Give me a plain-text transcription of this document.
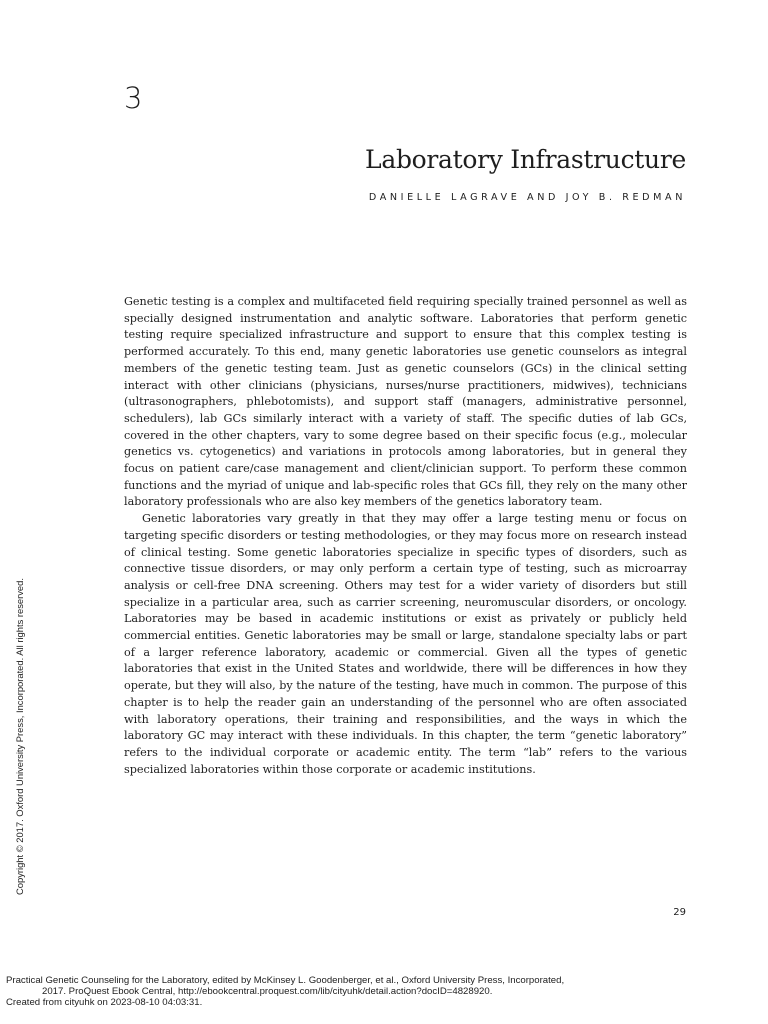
3
Laboratory Infrastructure
DANIELLE LAGRAVE AND JOY B. REDMAN

Genetic testing is a complex and multifaceted field requiring specially trained personnel as well as specially designed instrumentation and analytic software. Laboratories that perform genetic testing require specialized infrastructure and support to ensure that this complex testing is performed accurately. To this end, many genetic laboratories use genetic counselors as integral members of the genetic testing team. Just as genetic counselors (GCs) in the clinical setting interact with other clinicians (physicians, nurses/nurse practitioners, midwives), technicians (ultrasonographers, phlebotomists), and support staff (managers, administrative personnel, schedulers), lab GCs similarly interact with a variety of staff. The specific duties of lab GCs, covered in the other chapters, vary to some degree based on their specific focus (e.g., molecular genetics vs. cytogenetics) and variations in protocols among laboratories, but in general they focus on patient care/case management and client/clinician support. To perform these common functions and the myriad of unique and lab-specific roles that GCs fill, they rely on the many other laboratory professionals who are also key members of the genetics laboratory team.

Genetic laboratories vary greatly in that they may offer a large testing menu or focus on targeting specific disorders or testing methodologies, or they may focus more on research instead of clinical testing. Some genetic laboratories specialize in specific types of disorders, such as connective tissue disorders, or may only perform a certain type of testing, such as microarray analysis or cell-free DNA screening. Others may test for a wider variety of disorders but still specialize in a particular area, such as carrier screening, neuromuscular disorders, or oncology. Laboratories may be based in academic institutions or exist as privately or publicly held commercial entities. Genetic laboratories may be small or large, standalone specialty labs or part of a larger reference laboratory, academic or commercial. Given all the types of genetic laboratories that exist in the United States and worldwide, there will be differences in how they operate, but they will also, by the nature of the testing, have much in common. The purpose of this chapter is to help the reader gain an understanding of the personnel who are often associated with laboratory operations, their training and responsibilities, and the ways in which the laboratory GC may interact with these individuals. In this chapter, the term “genetic laboratory” refers to the individual corporate or academic entity. The term “lab” refers to the various specialized laboratories within those corporate or academic institutions.

29
Copyright © 2017. Oxford University Press, Incorporated. All rights reserved.
Practical Genetic Counseling for the Laboratory, edited by McKinsey L. Goodenberger, et al., Oxford University Press, Incorporated,
2017. ProQuest Ebook Central, http://ebookcentral.proquest.com/lib/cityuhk/detail.action?docID=4828920.
Created from cityuhk on 2023-08-10 04:03:31.
